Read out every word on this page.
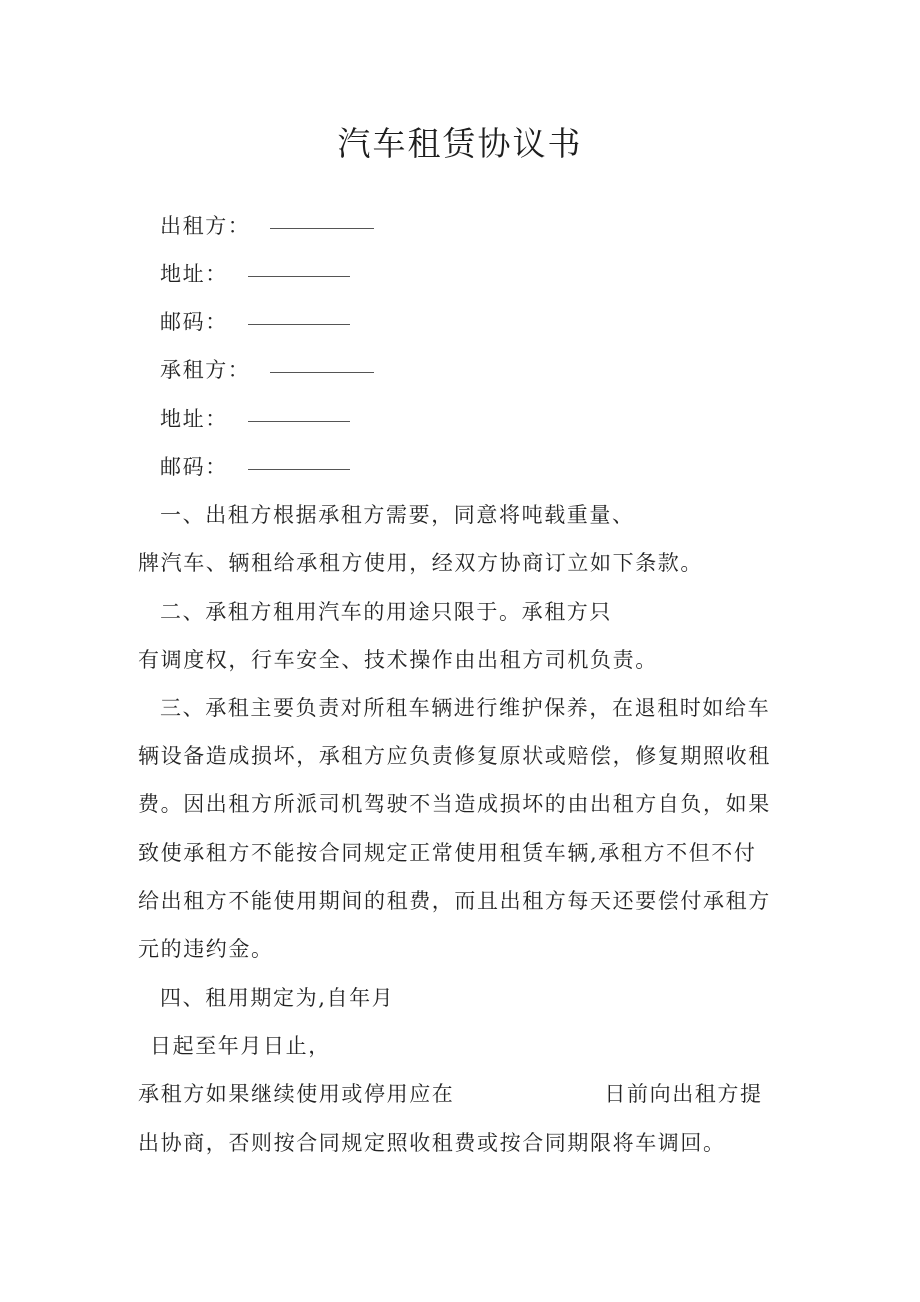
汽车租赁协议书
出租方：
地址：
邮码：
承租方：
地址：
邮码：
一、出租方根据承租方需要，同意将吨载重量、
牌汽车、辆租给承租方使用，经双方协商订立如下条款。
二、承租方租用汽车的用途只限于。承租方只
有调度权，行车安全、技术操作由出租方司机负责。
三、承租主要负责对所租车辆进行维护保养，在退租时如给车
辆设备造成损坏，承租方应负责修复原状或赔偿，修复期照收租
费。因出租方所派司机驾驶不当造成损坏的由出租方自负，如果
致使承租方不能按合同规定正常使用租赁车辆,承租方不但不付
给出租方不能使用期间的租费，而且出租方每天还要偿付承租方
元的违约金。
四、租用期定为,自年月
日起至年月日止，
承租方如果继续使用或停用应在	日前向出租方提
出协商，否则按合同规定照收租费或按合同期限将车调回。
